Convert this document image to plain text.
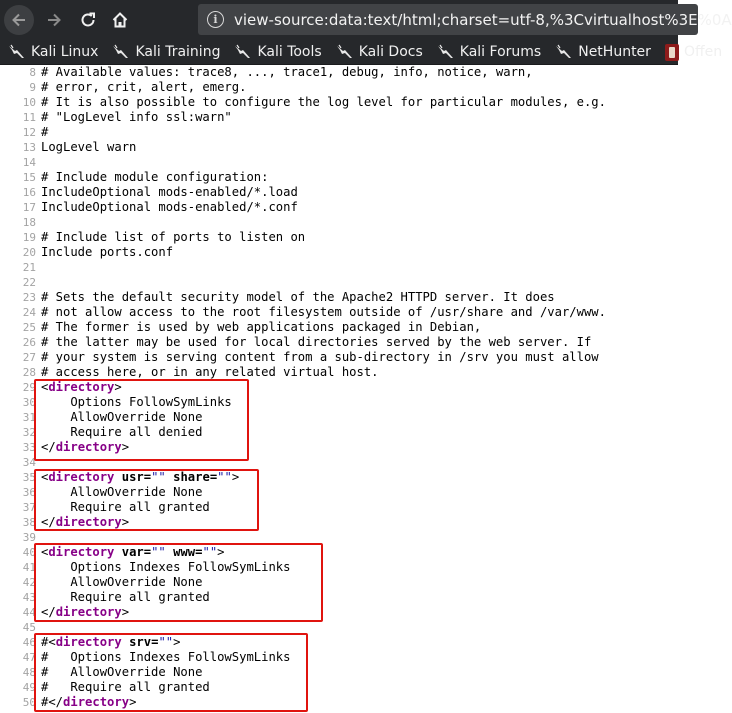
i	view-source:data:text/html;charset=utf-8,%3Cvirtualhost%3E%0A
Kali Linux	Kali Training	Kali Tools	Kali Docs	Kali Forums	NetHunter Offen
8 # Available values: trace8, ..., trace1, debug, info, notice, warn,
9 # error, crit, alert, emerg.
10 # It is also possible to configure the log level for particular modules, e.g.
11 # "LogLevel info ssl:warn"
12 #
13 LogLevel warn
14
15 # Include module configuration:
16 IncludeOptional mods-enabled/*.load
17 IncludeOptional mods-enabled/*.conf
18
19 # Include list of ports to listen on
20 Include ports.conf
21
22
23 # Sets the default security model of the Apache2 HTTPD server. It does
24 # not allow access to the root filesystem outside of /usr/share and /var/www.
25 # The former is used by web applications packaged in Debian,
26 # the latter may be used for local directories served by the web server. If
27 # your system is serving content from a sub-directory in /srv you must allow
28 # access here, or in any related virtual host.
29 <directory>
30 Options FollowSymLinks
31 AllowOverride None
32 Require all denied
33 </directory>
34
35 <directory usr="" share="">
36 AllowOverride None
37 Require all granted
38 </directory>
39
40 <directory var="" www="">
41 Options Indexes FollowSymLinks
42 AllowOverride None
43 Require all granted
44 </directory>
45
46 #<directory srv="">
47 #   Options Indexes FollowSymLinks
48 #   AllowOverride None
49 #   Require all granted
50 #</directory>
